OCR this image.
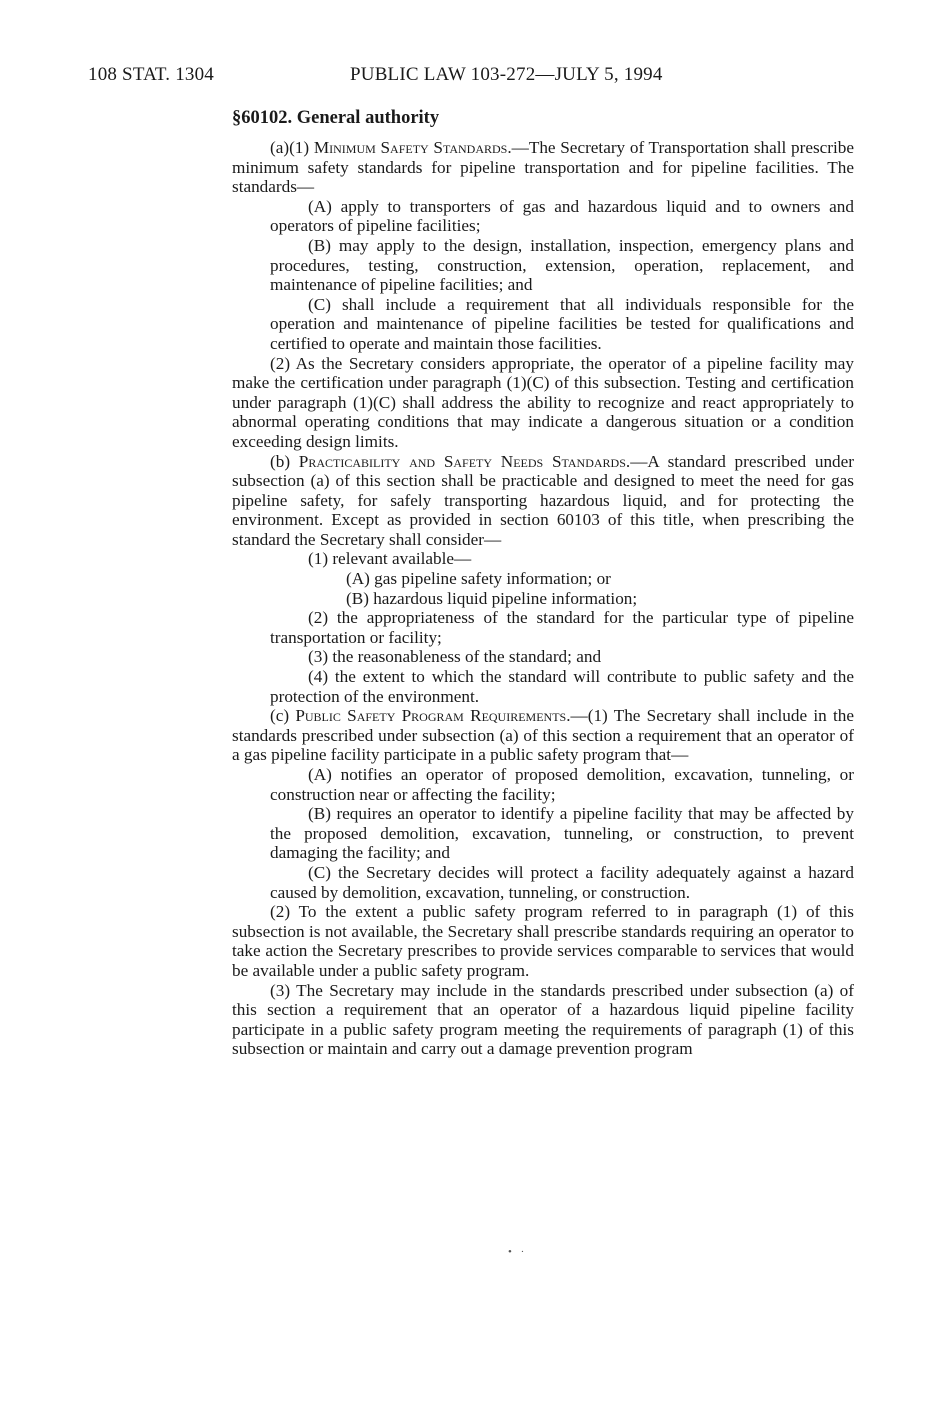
108 STAT. 1304	PUBLIC LAW 103-272—JULY 5, 1994
§60102. General authority

(a)(1) Minimum Safety Standards.—The Secretary of Transportation shall prescribe minimum safety standards for pipeline transportation and for pipeline facilities. The standards—

(A) apply to transporters of gas and hazardous liquid and to owners and operators of pipeline facilities;

(B) may apply to the design, installation, inspection, emergency plans and procedures, testing, construction, extension, operation, replacement, and maintenance of pipeline facilities; and

(C) shall include a requirement that all individuals responsible for the operation and maintenance of pipeline facilities be tested for qualifications and certified to operate and maintain those facilities.

(2) As the Secretary considers appropriate, the operator of a pipeline facility may make the certification under paragraph (1)(C) of this subsection. Testing and certification under paragraph (1)(C) shall address the ability to recognize and react appropriately to abnormal operating conditions that may indicate a dangerous situation or a condition exceeding design limits.

(b) Practicability and Safety Needs Standards.—A standard prescribed under subsection (a) of this section shall be practicable and designed to meet the need for gas pipeline safety, for safely transporting hazardous liquid, and for protecting the environment. Except as provided in section 60103 of this title, when prescribing the standard the Secretary shall consider—

(1) relevant available—

(A) gas pipeline safety information; or

(B) hazardous liquid pipeline information;

(2) the appropriateness of the standard for the particular type of pipeline transportation or facility;

(3) the reasonableness of the standard; and

(4) the extent to which the standard will contribute to public safety and the protection of the environment.

(c) Public Safety Program Requirements.—(1) The Secretary shall include in the standards prescribed under subsection (a) of this section a requirement that an operator of a gas pipeline facility participate in a public safety program that—

(A) notifies an operator of proposed demolition, excavation, tunneling, or construction near or affecting the facility;

(B) requires an operator to identify a pipeline facility that may be affected by the proposed demolition, excavation, tunneling, or construction, to prevent damaging the facility; and

(C) the Secretary decides will protect a facility adequately against a hazard caused by demolition, excavation, tunneling, or construction.

(2) To the extent a public safety program referred to in paragraph (1) of this subsection is not available, the Secretary shall prescribe standards requiring an operator to take action the Secretary prescribes to provide services comparable to services that would be available under a public safety program.

(3) The Secretary may include in the standards prescribed under subsection (a) of this section a requirement that an operator of a hazardous liquid pipeline facility participate in a public safety program meeting the requirements of paragraph (1) of this subsection or maintain and carry out a damage prevention program

• ·
